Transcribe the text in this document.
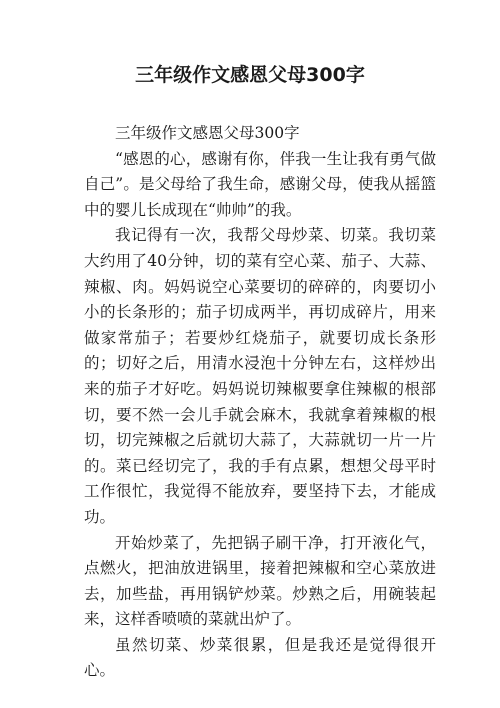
三年级作文感恩父母300字

三年级作文感恩父母300字

“感恩的心，感谢有你，伴我一生让我有勇气做自己”。是父母给了我生命，感谢父母，使我从摇篮中的婴儿长成现在“帅帅”的我。

我记得有一次，我帮父母炒菜、切菜。我切菜大约用了40分钟，切的菜有空心菜、茄子、大蒜、辣椒、肉。妈妈说空心菜要切的碎碎的，肉要切小小的长条形的；茄子切成两半，再切成碎片，用来做家常茄子；若要炒红烧茄子，就要切成长条形的；切好之后，用清水浸泡十分钟左右，这样炒出来的茄子才好吃。妈妈说切辣椒要拿住辣椒的根部切，要不然一会儿手就会麻木，我就拿着辣椒的根切，切完辣椒之后就切大蒜了，大蒜就切一片一片的。菜已经切完了，我的手有点累，想想父母平时工作很忙，我觉得不能放弃，要坚持下去，才能成功。

开始炒菜了，先把锅子刷干净，打开液化气，点燃火，把油放进锅里，接着把辣椒和空心菜放进去，加些盐，再用锅铲炒菜。炒熟之后，用碗装起来，这样香喷喷的菜就出炉了。

虽然切菜、炒菜很累，但是我还是觉得很开心。
